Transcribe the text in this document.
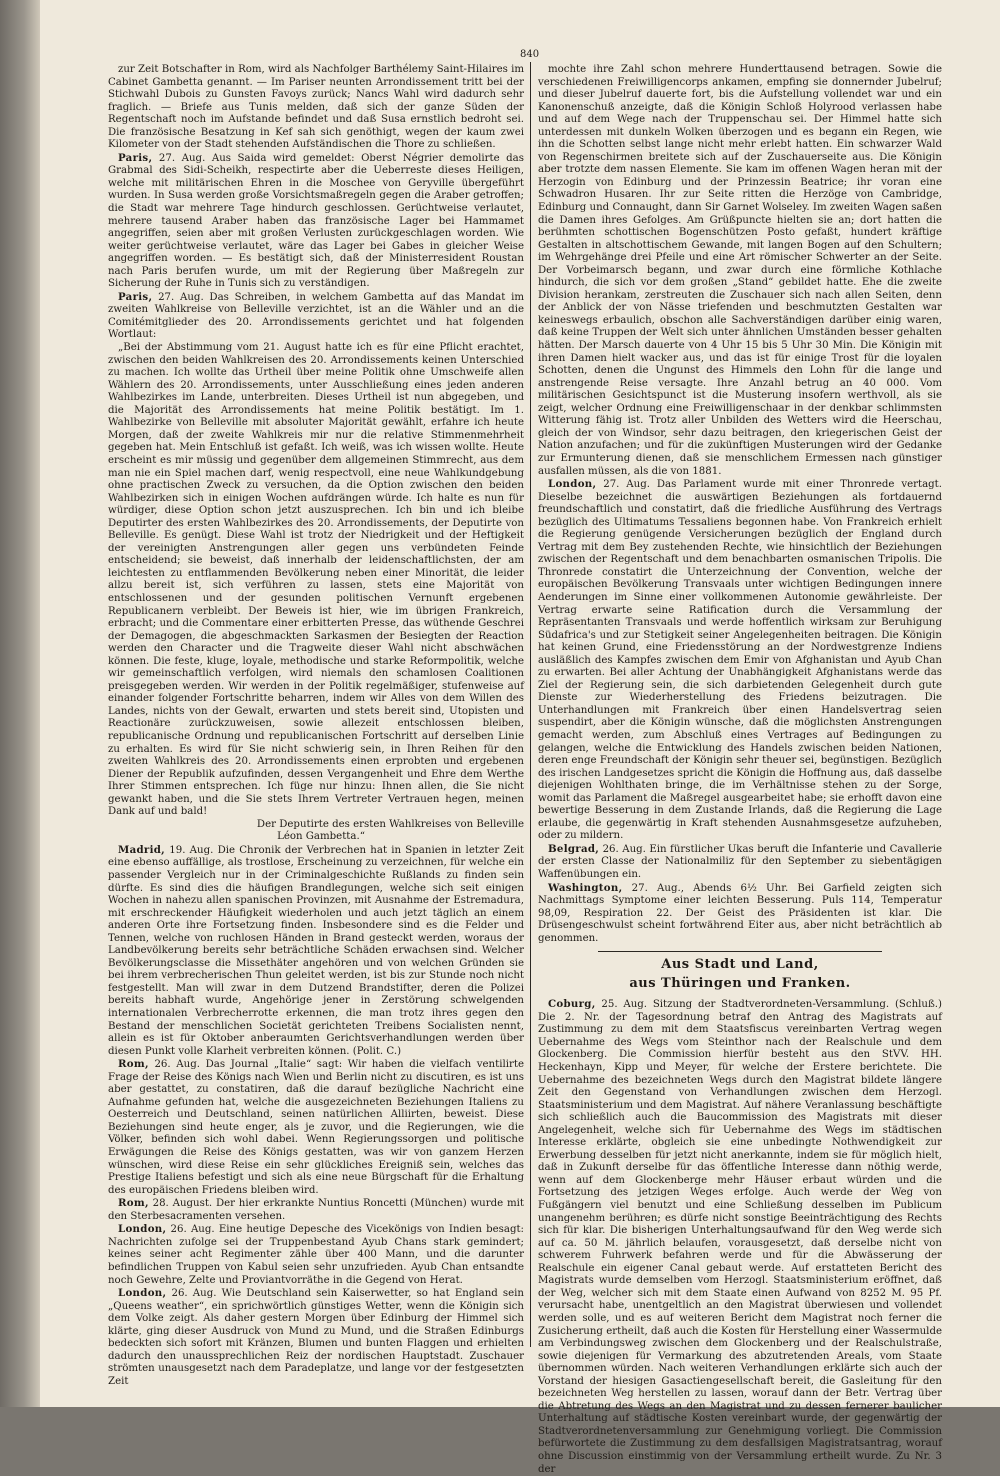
840

zur Zeit Botschafter in Rom, wird als Nachfolger Barthélemy Saint-Hilaires im Cabinet Gambetta genannt. — Im Pariser neunten Arrondissement tritt bei der Stichwahl Dubois zu Gunsten Favoys zurück; Nancs Wahl wird dadurch sehr fraglich. — Briefe aus Tunis melden, daß sich der ganze Süden der Regentschaft noch im Aufstande befindet und daß Susa ernstlich bedroht sei. Die französische Besatzung in Kef sah sich genöthigt, wegen der kaum zwei Kilometer von der Stadt stehenden Aufständischen die Thore zu schließen.

Paris, 27. Aug. Aus Saida wird gemeldet: Oberst Négrier demolirte das Grabmal des Sidi-Scheikh, respectirte aber die Ueberreste dieses Heiligen, welche mit militärischen Ehren in die Moschee von Geryville übergeführt wurden. In Susa werden große Vorsichtsmaßregeln gegen die Araber getroffen; die Stadt war mehrere Tage hindurch geschlossen. Gerüchtweise verlautet, mehrere tausend Araber haben das französische Lager bei Hammamet angegriffen, seien aber mit großen Verlusten zurückgeschlagen worden. Wie weiter gerüchtweise verlautet, wäre das Lager bei Gabes in gleicher Weise angegriffen worden. — Es bestätigt sich, daß der Ministerresident Roustan nach Paris berufen wurde, um mit der Regierung über Maßregeln zur Sicherung der Ruhe in Tunis sich zu verständigen.

Paris, 27. Aug. Das Schreiben, in welchem Gambetta auf das Mandat im zweiten Wahlkreise von Belleville verzichtet, ist an die Wähler und an die Comitémitglieder des 20. Arrondissements gerichtet und hat folgenden Wortlaut:

„Bei der Abstimmung vom 21. August hatte ich es für eine Pflicht erachtet, zwischen den beiden Wahlkreisen des 20. Arrondissements keinen Unterschied zu machen. Ich wollte das Urtheil über meine Politik ohne Umschweife allen Wählern des 20. Arrondissements, unter Ausschließung eines jeden anderen Wahlbezirkes im Lande, unterbreiten. Dieses Urtheil ist nun abgegeben, und die Majorität des Arrondissements hat meine Politik bestätigt. Im 1. Wahlbezirke von Belleville mit absoluter Majorität gewählt, erfahre ich heute Morgen, daß der zweite Wahlkreis mir nur die relative Stimmenmehrheit gegeben hat. Mein Entschluß ist gefaßt. Ich weiß, was ich wissen wollte. Heute erscheint es mir müssig und gegenüber dem allgemeinen Stimmrecht, aus dem man nie ein Spiel machen darf, wenig respectvoll, eine neue Wahlkundgebung ohne practischen Zweck zu versuchen, da die Option zwischen den beiden Wahlbezirken sich in einigen Wochen aufdrängen würde. Ich halte es nun für würdiger, diese Option schon jetzt auszusprechen. Ich bin und ich bleibe Deputirter des ersten Wahlbezirkes des 20. Arrondissements, der Deputirte von Belleville. Es genügt. Diese Wahl ist trotz der Niedrigkeit und der Heftigkeit der vereinigten Anstrengungen aller gegen uns verbündeten Feinde entscheidend; sie beweist, daß innerhalb der leidenschaftlichsten, der am leichtesten zu entflammenden Bevölkerung neben einer Minorität, die leider allzu bereit ist, sich verführen zu lassen, stets eine Majorität von entschlossenen und der gesunden politischen Vernunft ergebenen Republicanern verbleibt. Der Beweis ist hier, wie im übrigen Frankreich, erbracht; und die Commentare einer erbitterten Presse, das wüthende Geschrei der Demagogen, die abgeschmackten Sarkasmen der Besiegten der Reaction werden den Character und die Tragweite dieser Wahl nicht abschwächen können. Die feste, kluge, loyale, methodische und starke Reformpolitik, welche wir gemeinschaftlich verfolgen, wird niemals den schamlosen Coalitionen preisgegeben werden. Wir werden in der Politik regelmäßiger, stufenweise auf einander folgender Fortschritte beharren, indem wir Alles von dem Willen des Landes, nichts von der Gewalt, erwarten und stets bereit sind, Utopisten und Reactionäre zurückzuweisen, sowie allezeit entschlossen bleiben, republicanische Ordnung und republicanischen Fortschritt auf derselben Linie zu erhalten. Es wird für Sie nicht schwierig sein, in Ihren Reihen für den zweiten Wahlkreis des 20. Arrondissements einen erprobten und ergebenen Diener der Republik aufzufinden, dessen Vergangenheit und Ehre dem Werthe Ihrer Stimmen entsprechen. Ich füge nur hinzu: Ihnen allen, die Sie nicht gewankt haben, und die Sie stets Ihrem Vertreter Vertrauen hegen, meinen Dank auf und bald!

Der Deputirte des ersten Wahlkreises von Belleville

Léon Gambetta.“

Madrid, 19. Aug. Die Chronik der Verbrechen hat in Spanien in letzter Zeit eine ebenso auffällige, als trostlose, Erscheinung zu verzeichnen, für welche ein passender Vergleich nur in der Criminalgeschichte Rußlands zu finden sein dürfte. Es sind dies die häufigen Brandlegungen, welche sich seit einigen Wochen in nahezu allen spanischen Provinzen, mit Ausnahme der Estremadura, mit erschreckender Häufigkeit wiederholen und auch jetzt täglich an einem anderen Orte ihre Fortsetzung finden. Insbesondere sind es die Felder und Tennen, welche von ruchlosen Händen in Brand gesteckt werden, woraus der Landbevölkerung bereits sehr beträchtliche Schäden erwachsen sind. Welcher Bevölkerungsclasse die Missethäter angehören und von welchen Gründen sie bei ihrem verbrecherischen Thun geleitet werden, ist bis zur Stunde noch nicht festgestellt. Man will zwar in dem Dutzend Brandstifter, deren die Polizei bereits habhaft wurde, Angehörige jener in Zerstörung schwelgenden internationalen Verbrecherrotte erkennen, die man trotz ihres gegen den Bestand der menschlichen Societät gerichteten Treibens Socialisten nennt, allein es ist für Oktober anberaumten Gerichtsverhandlungen werden über diesen Punkt volle Klarheit verbreiten können. (Polit. C.)

Rom, 26. Aug. Das Journal „Italie“ sagt: Wir haben die vielfach ventilirte Frage der Reise des Königs nach Wien und Berlin nicht zu discutiren, es ist uns aber gestattet, zu constatiren, daß die darauf bezügliche Nachricht eine Aufnahme gefunden hat, welche die ausgezeichneten Beziehungen Italiens zu Oesterreich und Deutschland, seinen natürlichen Alliirten, beweist. Diese Beziehungen sind heute enger, als je zuvor, und die Regierungen, wie die Völker, befinden sich wohl dabei. Wenn Regierungssorgen und politische Erwägungen die Reise des Königs gestatten, was wir von ganzem Herzen wünschen, wird diese Reise ein sehr glückliches Ereigniß sein, welches das Prestige Italiens befestigt und sich als eine neue Bürgschaft für die Erhaltung des europäischen Friedens bleiben wird.

Rom, 28. August. Der hier erkrankte Nuntius Roncetti (München) wurde mit den Sterbesacramenten versehen.

London, 26. Aug. Eine heutige Depesche des Vicekönigs von Indien besagt: Nachrichten zufolge sei der Truppenbestand Ayub Chans stark gemindert; keines seiner acht Regimenter zähle über 400 Mann, und die darunter befindlichen Truppen von Kabul seien sehr unzufrieden. Ayub Chan entsandte noch Gewehre, Zelte und Proviantvorräthe in die Gegend von Herat.

London, 26. Aug. Wie Deutschland sein Kaiserwetter, so hat England sein „Queens weather“, ein sprichwörtlich günstiges Wetter, wenn die Königin sich dem Volke zeigt. Als daher gestern Morgen über Edinburg der Himmel sich klärte, ging dieser Ausdruck von Mund zu Mund, und die Straßen Edinburgs bedeckten sich sofort mit Kränzen, Blumen und bunten Flaggen und erhielten dadurch den unaussprechlichen Reiz der nordischen Hauptstadt. Zuschauer strömten unausgesetzt nach dem Paradeplatze, und lange vor der festgesetzten Zeit

mochte ihre Zahl schon mehrere Hunderttausend betragen. Sowie die verschiedenen Freiwilligencorps ankamen, empfing sie donnernder Jubelruf; und dieser Jubelruf dauerte fort, bis die Aufstellung vollendet war und ein Kanonenschuß anzeigte, daß die Königin Schloß Holyrood verlassen habe und auf dem Wege nach der Truppenschau sei. Der Himmel hatte sich unterdessen mit dunkeln Wolken überzogen und es begann ein Regen, wie ihn die Schotten selbst lange nicht mehr erlebt hatten. Ein schwarzer Wald von Regenschirmen breitete sich auf der Zuschauerseite aus. Die Königin aber trotzte dem nassen Elemente. Sie kam im offenen Wagen heran mit der Herzogin von Edinburg und der Prinzessin Beatrice; ihr voran eine Schwadron Husaren. Ihr zur Seite ritten die Herzöge von Cambridge, Edinburg und Connaught, dann Sir Garnet Wolseley. Im zweiten Wagen saßen die Damen ihres Gefolges. Am Grüßpuncte hielten sie an; dort hatten die berühmten schottischen Bogenschützen Posto gefaßt, hundert kräftige Gestalten in altschottischem Gewande, mit langen Bogen auf den Schultern; im Wehrgehänge drei Pfeile und eine Art römischer Schwerter an der Seite. Der Vorbeimarsch begann, und zwar durch eine förmliche Kothlache hindurch, die sich vor dem großen „Stand“ gebildet hatte. Ehe die zweite Division herankam, zerstreuten die Zuschauer sich nach allen Seiten, denn der Anblick der von Nässe triefenden und beschmutzten Gestalten war keineswegs erbaulich, obschon alle Sachverständigen darüber einig waren, daß keine Truppen der Welt sich unter ähnlichen Umständen besser gehalten hätten. Der Marsch dauerte von 4 Uhr 15 bis 5 Uhr 30 Min. Die Königin mit ihren Damen hielt wacker aus, und das ist für einige Trost für die loyalen Schotten, denen die Ungunst des Himmels den Lohn für die lange und anstrengende Reise versagte. Ihre Anzahl betrug an 40 000. Vom militärischen Gesichtspunct ist die Musterung insofern werthvoll, als sie zeigt, welcher Ordnung eine Freiwilligenschaar in der denkbar schlimmsten Witterung fähig ist. Trotz aller Unbilden des Wetters wird die Heerschau, gleich der von Windsor, sehr dazu beitragen, den kriegerischen Geist der Nation anzufachen; und für die zukünftigen Musterungen wird der Gedanke zur Ermunterung dienen, daß sie menschlichem Ermessen nach günstiger ausfallen müssen, als die von 1881.

London, 27. Aug. Das Parlament wurde mit einer Thronrede vertagt. Dieselbe bezeichnet die auswärtigen Beziehungen als fortdauernd freundschaftlich und constatirt, daß die friedliche Ausführung des Vertrags bezüglich des Ultimatums Tessaliens begonnen habe. Von Frankreich erhielt die Regierung genügende Versicherungen bezüglich der England durch Vertrag mit dem Bey zustehenden Rechte, wie hinsichtlich der Beziehungen zwischen der Regentschaft und dem benachbarten osmanischen Tripolis. Die Thronrede constatirt die Unterzeichnung der Convention, welche der europäischen Bevölkerung Transvaals unter wichtigen Bedingungen innere Aenderungen im Sinne einer vollkommenen Autonomie gewährleiste. Der Vertrag erwarte seine Ratification durch die Versammlung der Repräsentanten Transvaals und werde hoffentlich wirksam zur Beruhigung Südafrica's und zur Stetigkeit seiner Angelegenheiten beitragen. Die Königin hat keinen Grund, eine Friedensstörung an der Nordwestgrenze Indiens ausläßlich des Kampfes zwischen dem Emir von Afghanistan und Ayub Chan zu erwarten. Bei aller Achtung der Unabhängigkeit Afghanistans werde das Ziel der Regierung sein, die sich darbietenden Gelegenheit durch gute Dienste zur Wiederherstellung des Friedens beizutragen. Die Unterhandlungen mit Frankreich über einen Handelsvertrag seien suspendirt, aber die Königin wünsche, daß die möglichsten Anstrengungen gemacht werden, zum Abschluß eines Vertrages auf Bedingungen zu gelangen, welche die Entwicklung des Handels zwischen beiden Nationen, deren enge Freundschaft der Königin sehr theuer sei, begünstigen. Bezüglich des irischen Landgesetzes spricht die Königin die Hoffnung aus, daß dasselbe diejenigen Wohlthaten bringe, die im Verhältnisse stehen zu der Sorge, womit das Parlament die Maßregel ausgearbeitet habe; sie erhofft davon eine bewertige Besserung in dem Zustande Irlands, daß die Regierung die Lage erlaube, die gegenwärtig in Kraft stehenden Ausnahmsgesetze aufzuheben, oder zu mildern.

Belgrad, 26. Aug. Ein fürstlicher Ukas beruft die Infanterie und Cavallerie der ersten Classe der Nationalmiliz für den September zu siebentägigen Waffenübungen ein.

Washington, 27. Aug., Abends 6½ Uhr. Bei Garfield zeigten sich Nachmittags Symptome einer leichten Besserung. Puls 114, Temperatur 98,09, Respiration 22. Der Geist des Präsidenten ist klar. Die Drüsengeschwulst scheint fortwährend Eiter aus, aber nicht beträchtlich ab genommen.

Aus Stadt und Land,
aus Thüringen und Franken.

Coburg, 25. Aug. Sitzung der Stadtverordneten-Versammlung. (Schluß.) Die 2. Nr. der Tagesordnung betraf den Antrag des Magistrats auf Zustimmung zu dem mit dem Staatsfiscus vereinbarten Vertrag wegen Uebernahme des Wegs vom Steinthor nach der Realschule und dem Glockenberg. Die Commission hierfür besteht aus den StVV. HH. Heckenhayn, Kipp und Meyer, für welche der Erstere berichtete. Die Uebernahme des bezeichneten Wegs durch den Magistrat bildete längere Zeit den Gegenstand von Verhandlungen zwischen dem Herzogl. Staatsministerium und dem Magistrat. Auf nähere Veranlassung beschäftigte sich schließlich auch die Baucommission des Magistrats mit dieser Angelegenheit, welche sich für Uebernahme des Wegs im städtischen Interesse erklärte, obgleich sie eine unbedingte Nothwendigkeit zur Erwerbung desselben für jetzt nicht anerkannte, indem sie für möglich hielt, daß in Zukunft derselbe für das öffentliche Interesse dann nöthig werde, wenn auf dem Glockenberge mehr Häuser erbaut würden und die Fortsetzung des jetzigen Weges erfolge. Auch werde der Weg von Fußgängern viel benutzt und eine Schließung desselben im Publicum unangenehm berühren; es dürfe nicht sonstige Beeinträchtigung des Rechts sich für klar. Die bisherigen Unterhaltungsaufwand für den Weg werde sich auf ca. 50 M. jährlich belaufen, vorausgesetzt, daß derselbe nicht von schwerem Fuhrwerk befahren werde und für die Abwässerung der Realschule ein eigener Canal gebaut werde. Auf erstatteten Bericht des Magistrats wurde demselben vom Herzogl. Staatsministerium eröffnet, daß der Weg, welcher sich mit dem Staate einen Aufwand von 8252 M. 95 Pf. verursacht habe, unentgeltlich an den Magistrat überwiesen und vollendet werden solle, und es auf weiteren Bericht dem Magistrat noch ferner die Zusicherung ertheilt, daß auch die Kosten für Herstellung einer Wassermulde am Verbindungsweg zwischen dem Glockenberg und der Realschulstraße, sowie diejenigen für Vermarkung des abzutretenden Areals, vom Staate übernommen würden. Nach weiteren Verhandlungen erklärte sich auch der Vorstand der hiesigen Gasactiengesellschaft bereit, die Gasleitung für den bezeichneten Weg herstellen zu lassen, worauf dann der Betr. Vertrag über die Abtretung des Wegs an den Magistrat und zu dessen fernerer baulicher Unterhaltung auf städtische Kosten vereinbart wurde, der gegenwärtig der Stadtverordnetenversammlung zur Genehmigung vorliegt. Die Commission befürwortete die Zustimmung zu dem desfallsigen Magistratsantrag, worauf ohne Discussion einstimmig von der Versammlung ertheilt wurde. Zu Nr. 3 der
